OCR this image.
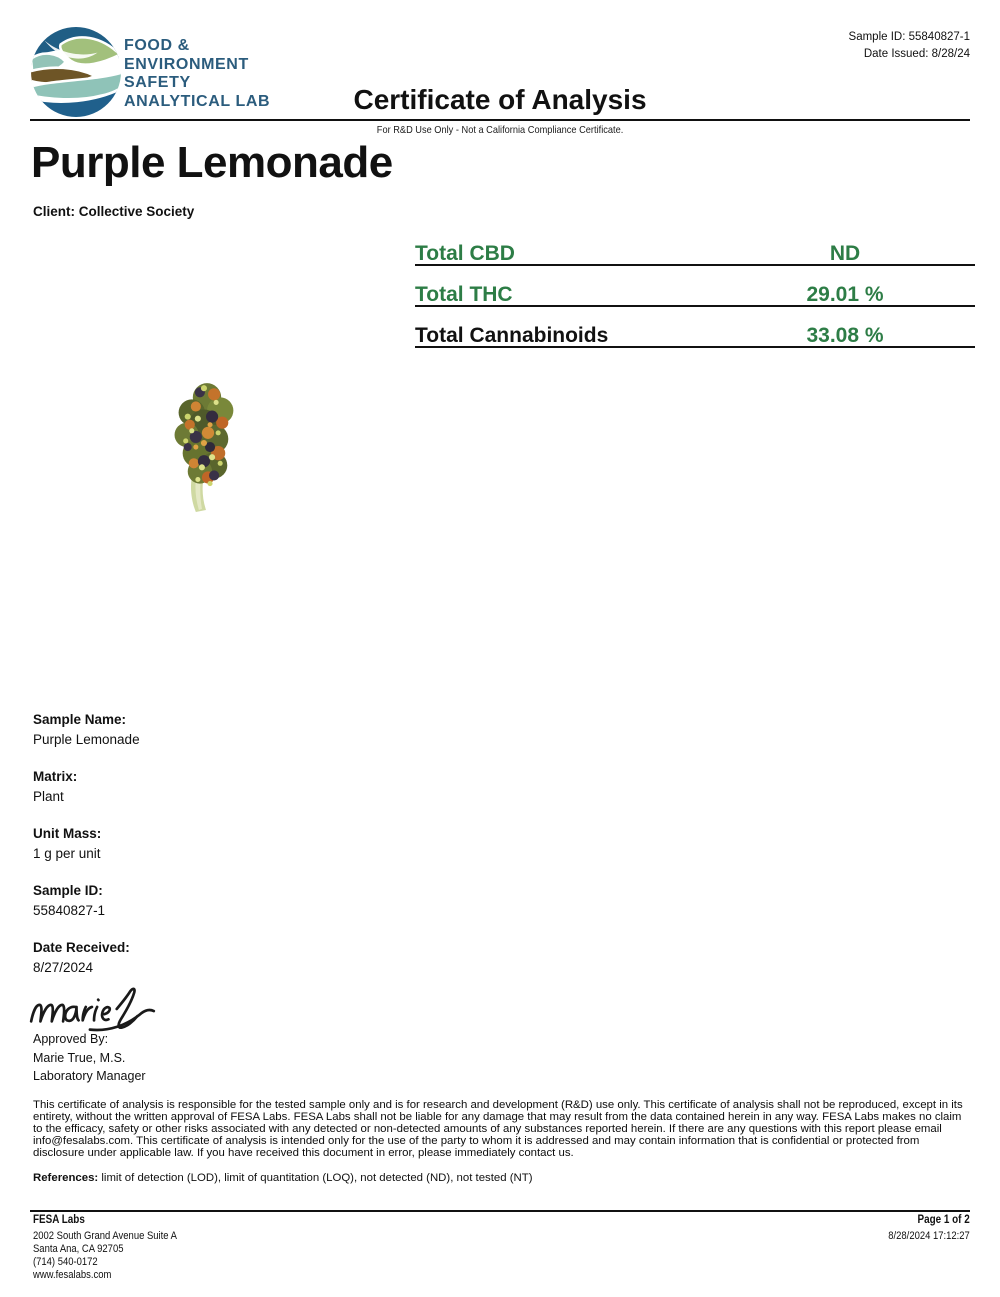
FOOD &
ENVIRONMENT
SAFETY
ANALYTICAL LAB	Certificate of Analysis
For R&D Use Only - Not a California Compliance Certificate.
Sample ID: 55840827-1
Date Issued: 8/28/24
Purple Lemonade
Client: Collective Society
Total CBD	ND
Total THC	29.01 %
Total Cannabinoids	33.08 %
Sample Name:
Purple Lemonade
Matrix:
Plant
Unit Mass:
1 g per unit
Sample ID:
55840827-1
Date Received:
8/27/2024
Approved By:
Marie True, M.S.
Laboratory Manager
This certificate of analysis is responsible for the tested sample only and is for research and development (R&D) use only. This certificate of analysis shall not be reproduced, except in its entirety, without the written approval of FESA Labs. FESA Labs shall not be liable for any damage that may result from the data contained herein in any way. FESA Labs makes no claim to the efficacy, safety or other risks associated with any detected or non-detected amounts of any substances reported herein. If there are any questions with this report please email info@fesalabs.com. This certificate of analysis is intended only for the use of the party to whom it is addressed and may contain information that is confidential or protected from disclosure under applicable law. If you have received this document in error, please immediately contact us.
References: limit of detection (LOD), limit of quantitation (LOQ), not detected (ND), not tested (NT)
FESA Labs
2002 South Grand Avenue Suite A
Santa Ana, CA 92705
(714) 540-0172
www.fesalabs.com
Page 1 of 2
8/28/2024 17:12:27
